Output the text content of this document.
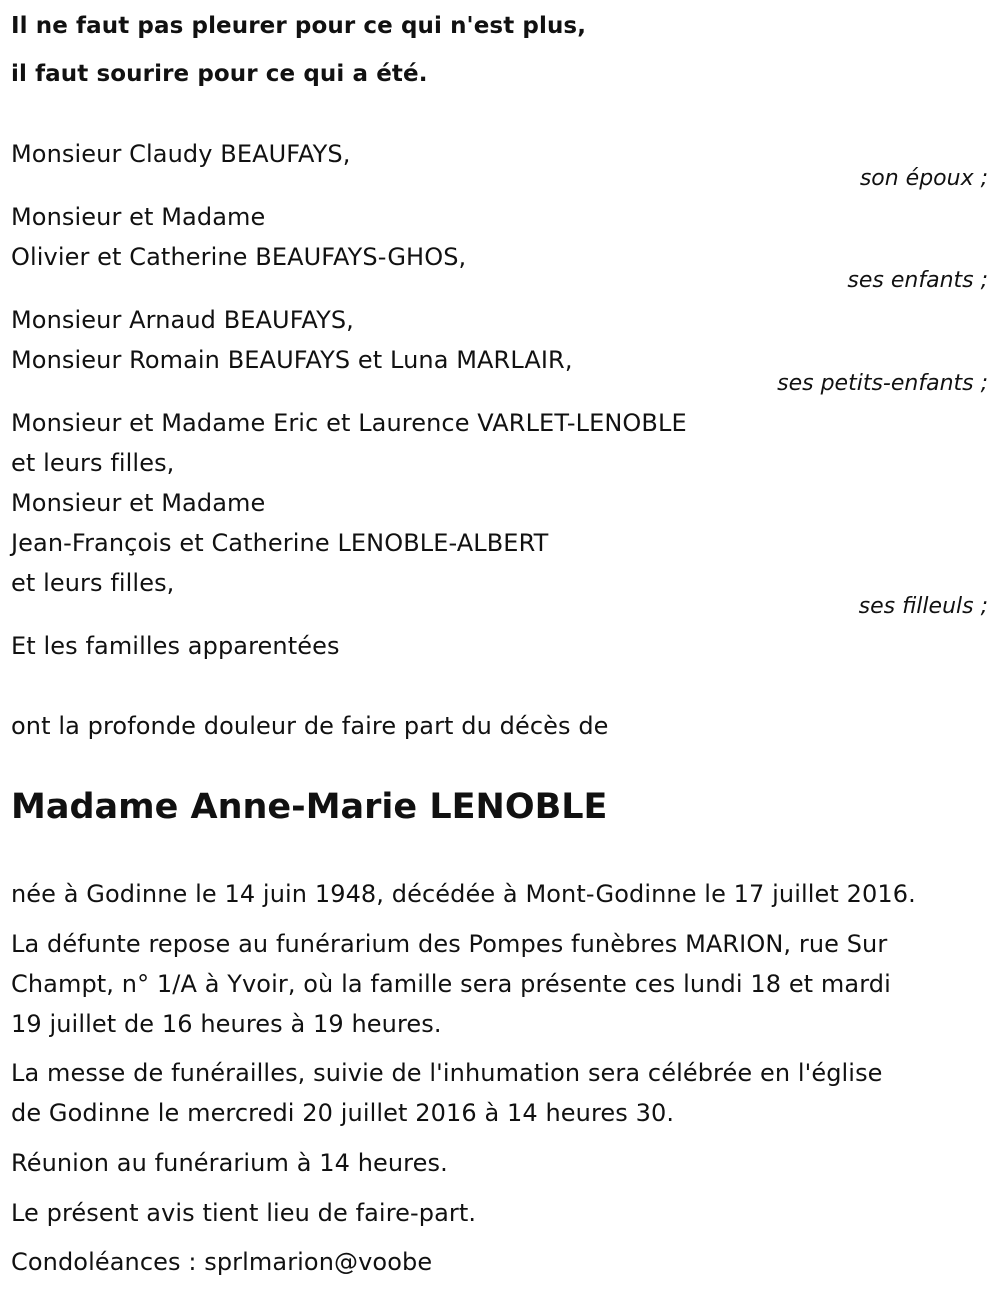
Il ne faut pas pleurer pour ce qui n'est plus,
il faut sourire pour ce qui a été.
Monsieur Claudy BEAUFAYS,
son époux ;
Monsieur et Madame
Olivier et Catherine BEAUFAYS-GHOS,
ses enfants ;
Monsieur Arnaud BEAUFAYS,
Monsieur Romain BEAUFAYS et Luna MARLAIR,
ses petits-enfants ;
Monsieur et Madame Eric et Laurence VARLET-LENOBLE
et leurs filles,
Monsieur et Madame
Jean-François et Catherine LENOBLE-ALBERT
et leurs filles,
ses filleuls ;
Et les familles apparentées
ont la profonde douleur de faire part du décès de
Madame Anne-Marie LENOBLE
née à Godinne le 14 juin 1948, décédée à Mont-Godinne le 17 juillet 2016.
La défunte repose au funérarium des Pompes funèbres MARION, rue Sur
Champt, n° 1/A à Yvoir, où la famille sera présente ces lundi 18 et mardi
19 juillet de 16 heures à 19 heures.
La messe de funérailles, suivie de l'inhumation sera célébrée en l'église
de Godinne le mercredi 20 juillet 2016 à 14 heures 30.
Réunion au funérarium à 14 heures.
Le présent avis tient lieu de faire-part.
Condoléances : sprlmarion@voobe
